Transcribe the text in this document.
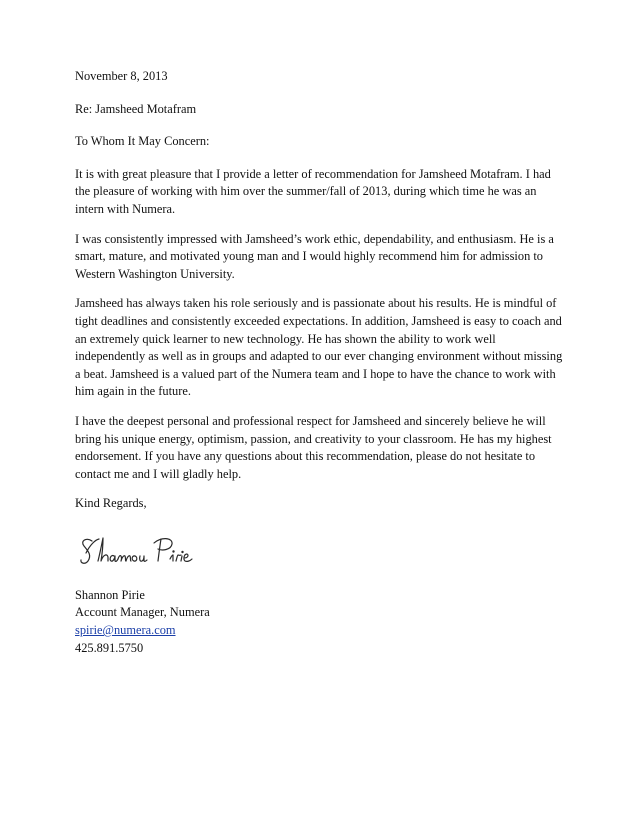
November 8, 2013

Re: Jamsheed Motafram

To Whom It May Concern:

It is with great pleasure that I provide a letter of recommendation for Jamsheed Motafram. I had the pleasure of working with him over the summer/fall of 2013, during which time he was an intern with Numera.

I was consistently impressed with Jamsheed’s work ethic, dependability, and enthusiasm. He is a smart, mature, and motivated young man and I would highly recommend him for admission to Western Washington University.

Jamsheed has always taken his role seriously and is passionate about his results. He is mindful of tight deadlines and consistently exceeded expectations. In addition, Jamsheed is easy to coach and an extremely quick learner to new technology. He has shown the ability to work well independently as well as in groups and adapted to our ever changing environment without missing a beat. Jamsheed is a valued part of the Numera team and I hope to have the chance to work with him again in the future.

I have the deepest personal and professional respect for Jamsheed and sincerely believe he will bring his unique energy, optimism, passion, and creativity to your classroom. He has my highest endorsement. If you have any questions about this recommendation, please do not hesitate to contact me and I will gladly help.

Kind Regards,

Shannon Pirie

Account Manager, Numera

spirie@numera.com

425.891.5750
